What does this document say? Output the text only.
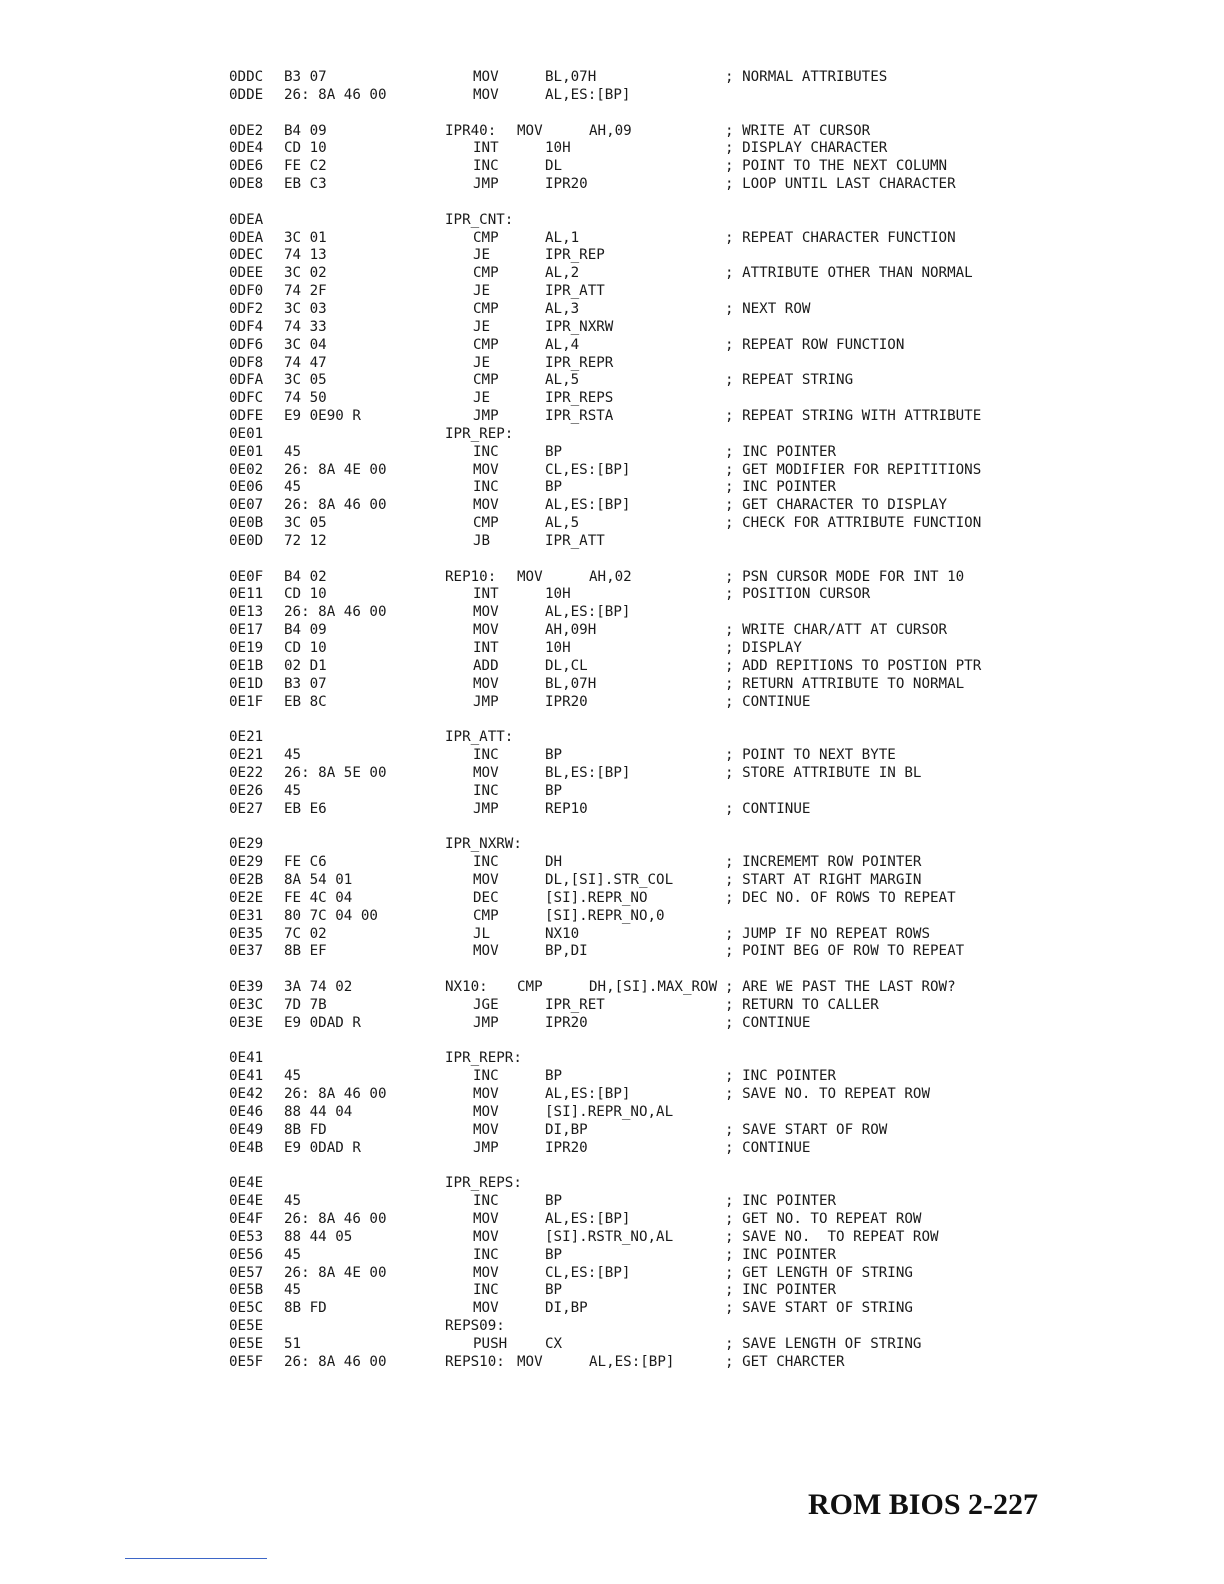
0DDC B3 07	MOV	BL,07H	; NORMAL ATTRIBUTES
0DDE 26: 8A 46 00	MOV	AL,ES:[BP]
0DE2 B4 09	IPR40: MOV	AH,09	; WRITE AT CURSOR
0DE4 CD 10	INT	10H	; DISPLAY CHARACTER
0DE6 FE C2	INC	DL	; POINT TO THE NEXT COLUMN
0DE8 EB C3	JMP	IPR20	; LOOP UNTIL LAST CHARACTER
0DEA	IPR_CNT:
0DEA 3C 01	CMP	AL,1	; REPEAT CHARACTER FUNCTION
0DEC 74 13	JE	IPR_REP
0DEE 3C 02	CMP	AL,2	; ATTRIBUTE OTHER THAN NORMAL
0DF0 74 2F	JE	IPR_ATT
0DF2 3C 03	CMP	AL,3	; NEXT ROW
0DF4 74 33	JE	IPR_NXRW
0DF6 3C 04	CMP	AL,4	; REPEAT ROW FUNCTION
0DF8 74 47	JE	IPR_REPR
0DFA 3C 05	CMP	AL,5	; REPEAT STRING
0DFC 74 50	JE	IPR_REPS
0DFE E9 0E90 R	JMP	IPR_RSTA	; REPEAT STRING WITH ATTRIBUTE
0E01	IPR_REP:
0E01 45	INC	BP	; INC POINTER
0E02 26: 8A 4E 00	MOV	CL,ES:[BP]	; GET MODIFIER FOR REPITITIONS
0E06 45	INC	BP	; INC POINTER
0E07 26: 8A 46 00	MOV	AL,ES:[BP]	; GET CHARACTER TO DISPLAY
0E0B 3C 05	CMP	AL,5	; CHECK FOR ATTRIBUTE FUNCTION
0E0D 72 12	JB	IPR_ATT
0E0F B4 02	REP10: MOV	AH,02	; PSN CURSOR MODE FOR INT 10
0E11 CD 10	INT	10H	; POSITION CURSOR
0E13 26: 8A 46 00	MOV	AL,ES:[BP]
0E17 B4 09	MOV	AH,09H	; WRITE CHAR/ATT AT CURSOR
0E19 CD 10	INT	10H	; DISPLAY
0E1B 02 D1	ADD	DL,CL	; ADD REPITIONS TO POSTION PTR
0E1D B3 07	MOV	BL,07H	; RETURN ATTRIBUTE TO NORMAL
0E1F EB 8C	JMP	IPR20	; CONTINUE
0E21	IPR_ATT:
0E21 45	INC	BP	; POINT TO NEXT BYTE
0E22 26: 8A 5E 00	MOV	BL,ES:[BP]	; STORE ATTRIBUTE IN BL
0E26 45	INC	BP
0E27 EB E6	JMP	REP10	; CONTINUE
0E29	IPR_NXRW:
0E29 FE C6	INC	DH	; INCREMEMT ROW POINTER
0E2B 8A 54 01	MOV	DL,[SI].STR_COL	; START AT RIGHT MARGIN
0E2E FE 4C 04	DEC	[SI].REPR_NO	; DEC NO. OF ROWS TO REPEAT
0E31 80 7C 04 00	CMP	[SI].REPR_NO,0
0E35 7C 02	JL	NX10	; JUMP IF NO REPEAT ROWS
0E37 8B EF	MOV	BP,DI	; POINT BEG OF ROW TO REPEAT
0E39 3A 74 02	NX10: CMP	DH,[SI].MAX_ROW ; ARE WE PAST THE LAST ROW?
0E3C 7D 7B	JGE	IPR_RET	; RETURN TO CALLER
0E3E E9 0DAD R	JMP	IPR20	; CONTINUE
0E41	IPR_REPR:
0E41 45	INC	BP	; INC POINTER
0E42 26: 8A 46 00	MOV	AL,ES:[BP]	; SAVE NO. TO REPEAT ROW
0E46 88 44 04	MOV	[SI].REPR_NO,AL
0E49 8B FD	MOV	DI,BP	; SAVE START OF ROW
0E4B E9 0DAD R	JMP	IPR20	; CONTINUE
0E4E	IPR_REPS:
0E4E 45	INC	BP	; INC POINTER
0E4F 26: 8A 46 00	MOV	AL,ES:[BP]	; GET NO. TO REPEAT ROW
0E53 88 44 05	MOV	[SI].RSTR_NO,AL	; SAVE NO.  TO REPEAT ROW
0E56 45	INC	BP	; INC POINTER
0E57 26: 8A 4E 00	MOV	CL,ES:[BP]	; GET LENGTH OF STRING
0E5B 45	INC	BP	; INC POINTER
0E5C 8B FD	MOV	DI,BP	; SAVE START OF STRING
0E5E	REPS09:
0E5E 51	PUSH	CX	; SAVE LENGTH OF STRING
0E5F 26: 8A 46 00	REPS10: MOV	AL,ES:[BP]	; GET CHARCTER
ROM BIOS 2-227
